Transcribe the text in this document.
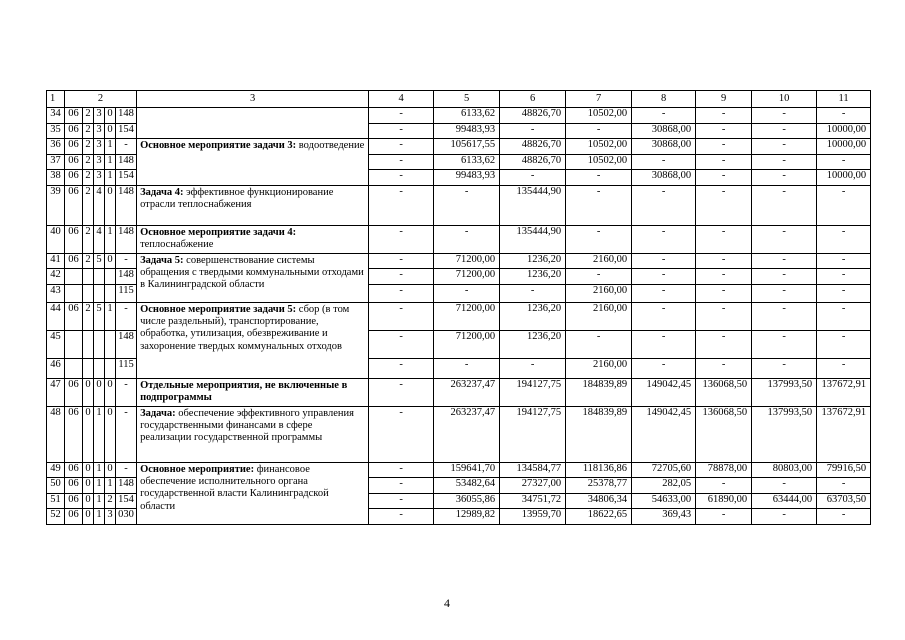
1	2					3	4	5	6	7	8	9	10	11
34	06	2	3	0	148		-	6133,62	48826,70	10502,00	-	-	-	-
35	06	2	3	0	154		-	99483,93	-	-	30868,00	-	-	10000,00
36	06	2	3	1	-	Основное мероприятие задачи 3: водоотведение	-	105617,55	48826,70	10502,00	30868,00	-	-	10000,00
37	06	2	3	1	148		-	6133,62	48826,70	10502,00	-	-	-	-
38	06	2	3	1	154		-	99483,93	-	-	30868,00	-	-	10000,00
39	06	2	4	0	148	Задача 4: эффективное функционирование отрасли теплоснабжения	-	-	135444,90	-	-	-	-	-
40	06	2	4	1	148	Основное мероприятие задачи 4: теплоснабжение	-	-	135444,90	-	-	-	-	-
41	06	2	5	0	-	Задача 5: совершенствование системы обращения с твердыми коммунальными отходами в Калининградской области	-	71200,00	1236,20	2160,00	-	-	-	-
42					148		-	71200,00	1236,20	-	-	-	-	-
43					115		-	-	-	2160,00	-	-	-	-
44	06	2	5	1	-	Основное мероприятие задачи 5: сбор (в том числе раздельный), транспортирование, обработка, утилизация, обезвреживание и захоронение твердых коммунальных отходов	-	71200,00	1236,20	2160,00	-	-	-	-
45					148		-	71200,00	1236,20	-	-	-	-	-
46					115		-	-	-	2160,00	-	-	-	-
47	06	0	0	0	-	Отдельные мероприятия, не включенные в подпрограммы	-	263237,47	194127,75	184839,89	149042,45	136068,50	137993,50	137672,91
48	06	0	1	0	-	Задача: обеспечение эффективного управления государственными финансами в сфере реализации государственной программы	-	263237,47	194127,75	184839,89	149042,45	136068,50	137993,50	137672,91
49	06	0	1	0	-	Основное мероприятие: финансовое обеспечение исполнительного органа государственной власти Калининградской области	-	159641,70	134584,77	118136,86	72705,60	78878,00	80803,00	79916,50
50	06	0	1	1	148		-	53482,64	27327,00	25378,77	282,05	-	-	-
51	06	0	1	2	154		-	36055,86	34751,72	34806,34	54633,00	61890,00	63444,00	63703,50
52	06	0	1	3	030		-	12989,82	13959,70	18622,65	369,43	-	-	-
4
